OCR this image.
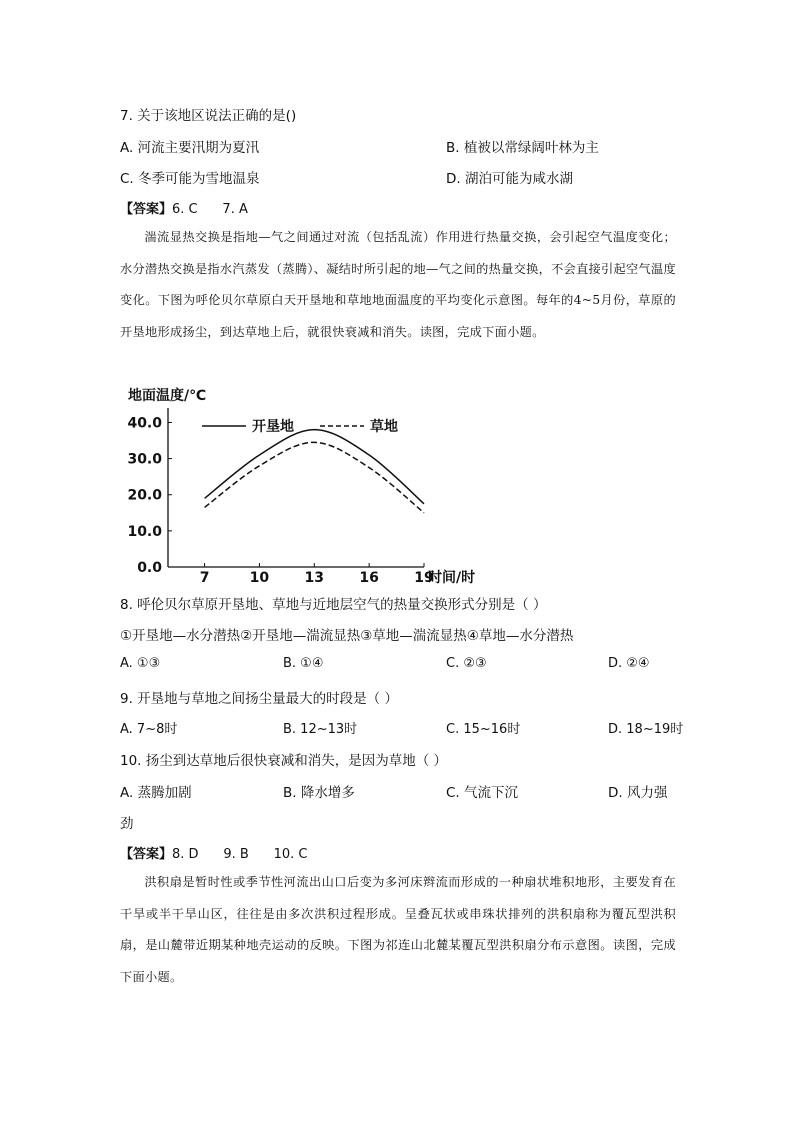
7. 关于该地区说法正确的是()
A. 河流主要汛期为夏汛	B. 植被以常绿阔叶林为主
C. 冬季可能为雪地温泉	D. 湖泊可能为咸水湖
【答案】6. C      7. A
湍流显热交换是指地—气之间通过对流（包括乱流）作用进行热量交换，会引起空气温度变化；水分潜热交换是指水汽蒸发（蒸腾）、凝结时所引起的地—气之间的热量交换，不会直接引起空气温度变化。下图为呼伦贝尔草原白天开垦地和草地地面温度的平均变化示意图。每年的4~5月份，草原的开垦地形成扬尘，到达草地上后，就很快衰减和消失。读图，完成下面小题。
地面温度/℃
时间/时
0.0
10.0
20.0
30.0
40.0
7	10	13	16	19
开垦地	草地
8. 呼伦贝尔草原开垦地、草地与近地层空气的热量交换形式分别是（ ）
①开垦地—水分潜热②开垦地—湍流显热③草地—湍流显热④草地—水分潜热
A. ①③	B. ①④	C. ②③	D. ②④
9. 开垦地与草地之间扬尘量最大的时段是（ ）
A. 7~8时	B. 12~13时	C. 15~16时	D. 18~19时
10. 扬尘到达草地后很快衰减和消失，是因为草地（ ）
A. 蒸腾加剧	B. 降水增多	C. 气流下沉	D. 风力强
劲
【答案】8. D      9. B      10. C
洪积扇是暂时性或季节性河流出山口后变为多河床辫流而形成的一种扇状堆积地形，主要发育在干旱或半干旱山区，往往是由多次洪积过程形成。呈叠瓦状或串珠状排列的洪积扇称为覆瓦型洪积扇，是山麓带近期某种地壳运动的反映。下图为祁连山北麓某覆瓦型洪积扇分布示意图。读图，完成下面小题。
